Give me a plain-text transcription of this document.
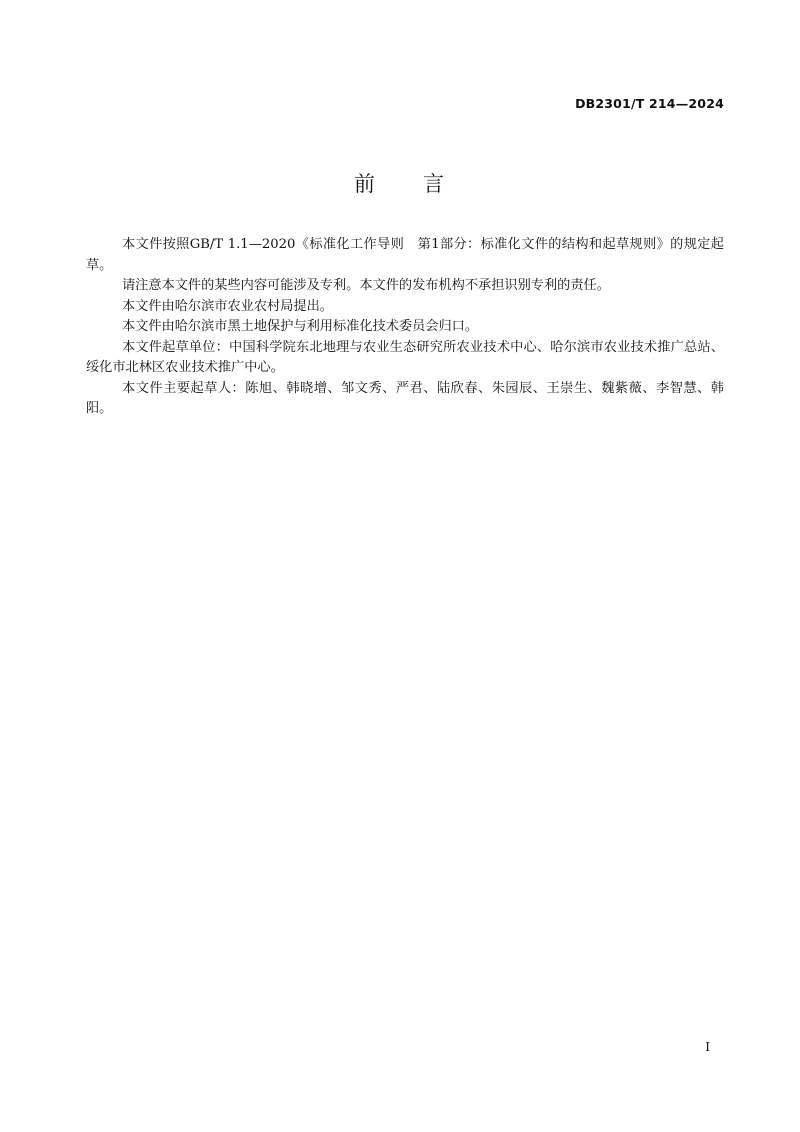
DB2301/T 214—2024
前　　言

本文件按照GB/T 1.1—2020《标准化工作导则　第1部分：标准化文件的结构和起草规则》的规定起草。

请注意本文件的某些内容可能涉及专利。本文件的发布机构不承担识别专利的责任。

本文件由哈尔滨市农业农村局提出。

本文件由哈尔滨市黑土地保护与利用标准化技术委员会归口。

本文件起草单位：中国科学院东北地理与农业生态研究所农业技术中心、哈尔滨市农业技术推广总站、绥化市北林区农业技术推广中心。

本文件主要起草人：陈旭、韩晓增、邹文秀、严君、陆欣春、朱园辰、王崇生、魏紫薇、李智慧、韩阳。

I
